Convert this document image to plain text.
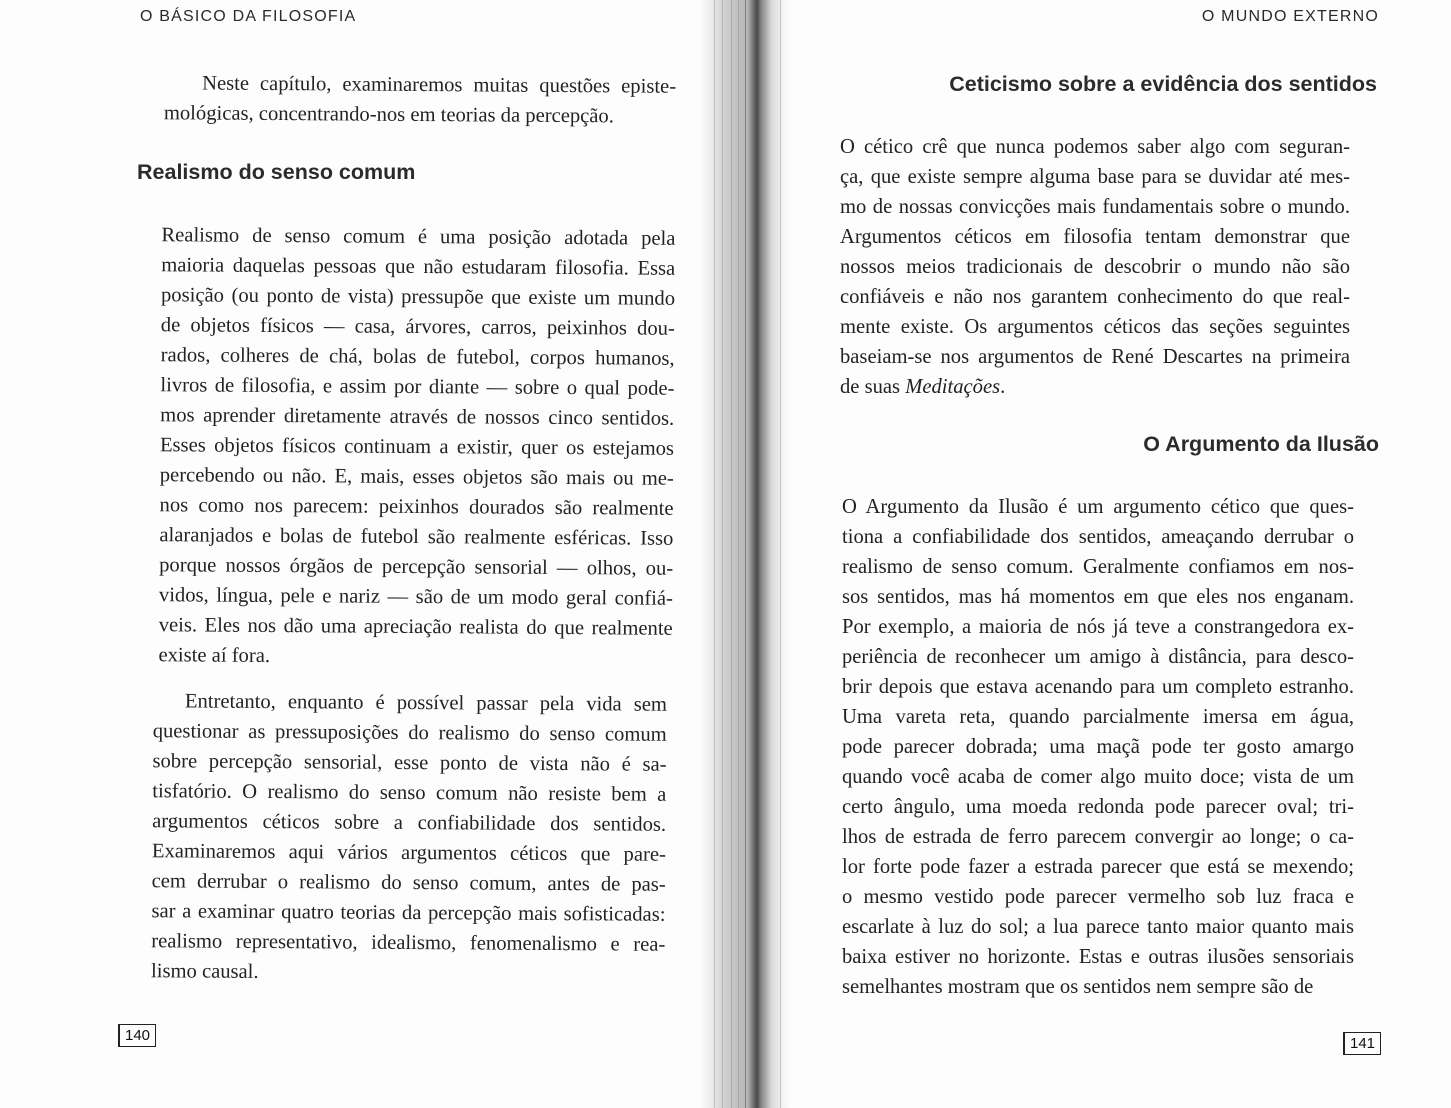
O BÁSICO DA FILOSOFIA
Neste capítulo, examinaremos muitas questões episte-
mológicas, concentrando-nos em teorias da percepção.
Realismo do senso comum
Realismo de senso comum é uma posição adotada pela
maioria daquelas pessoas que não estudaram filosofia. Essa
posição (ou ponto de vista) pressupõe que existe um mundo
de objetos físicos — casa, árvores, carros, peixinhos dou-
rados, colheres de chá, bolas de futebol, corpos humanos,
livros de filosofia, e assim por diante — sobre o qual pode-
mos aprender diretamente através de nossos cinco sentidos.
Esses objetos físicos continuam a existir, quer os estejamos
percebendo ou não. E, mais, esses objetos são mais ou me-
nos como nos parecem: peixinhos dourados são realmente
alaranjados e bolas de futebol são realmente esféricas. Isso
porque nossos órgãos de percepção sensorial — olhos, ou-
vidos, língua, pele e nariz — são de um modo geral confiá-
veis. Eles nos dão uma apreciação realista do que realmente
existe aí fora.
Entretanto, enquanto é possível passar pela vida sem
questionar as pressuposições do realismo do senso comum
sobre percepção sensorial, esse ponto de vista não é sa-
tisfatório. O realismo do senso comum não resiste bem a
argumentos céticos sobre a confiabilidade dos sentidos.
Examinaremos aqui vários argumentos céticos que pare-
cem derrubar o realismo do senso comum, antes de pas-
sar a examinar quatro teorias da percepção mais sofisticadas:
realismo representativo, idealismo, fenomenalismo e rea-
lismo causal.
140
O MUNDO EXTERNO
Ceticismo sobre a evidência dos sentidos
O cético crê que nunca podemos saber algo com seguran-
ça, que existe sempre alguma base para se duvidar até mes-
mo de nossas convicções mais fundamentais sobre o mundo.
Argumentos céticos em filosofia tentam demonstrar que
nossos meios tradicionais de descobrir o mundo não são
confiáveis e não nos garantem conhecimento do que real-
mente existe. Os argumentos céticos das seções seguintes
baseiam-se nos argumentos de René Descartes na primeira
de suas Meditações.
O Argumento da Ilusão
O Argumento da Ilusão é um argumento cético que ques-
tiona a confiabilidade dos sentidos, ameaçando derrubar o
realismo de senso comum. Geralmente confiamos em nos-
sos sentidos, mas há momentos em que eles nos enganam.
Por exemplo, a maioria de nós já teve a constrangedora ex-
periência de reconhecer um amigo à distância, para desco-
brir depois que estava acenando para um completo estranho.
Uma vareta reta, quando parcialmente imersa em água,
pode parecer dobrada; uma maçã pode ter gosto amargo
quando você acaba de comer algo muito doce; vista de um
certo ângulo, uma moeda redonda pode parecer oval; tri-
lhos de estrada de ferro parecem convergir ao longe; o ca-
lor forte pode fazer a estrada parecer que está se mexendo;
o mesmo vestido pode parecer vermelho sob luz fraca e
escarlate à luz do sol; a lua parece tanto maior quanto mais
baixa estiver no horizonte. Estas e outras ilusões sensoriais
semelhantes mostram que os sentidos nem sempre são de
141
